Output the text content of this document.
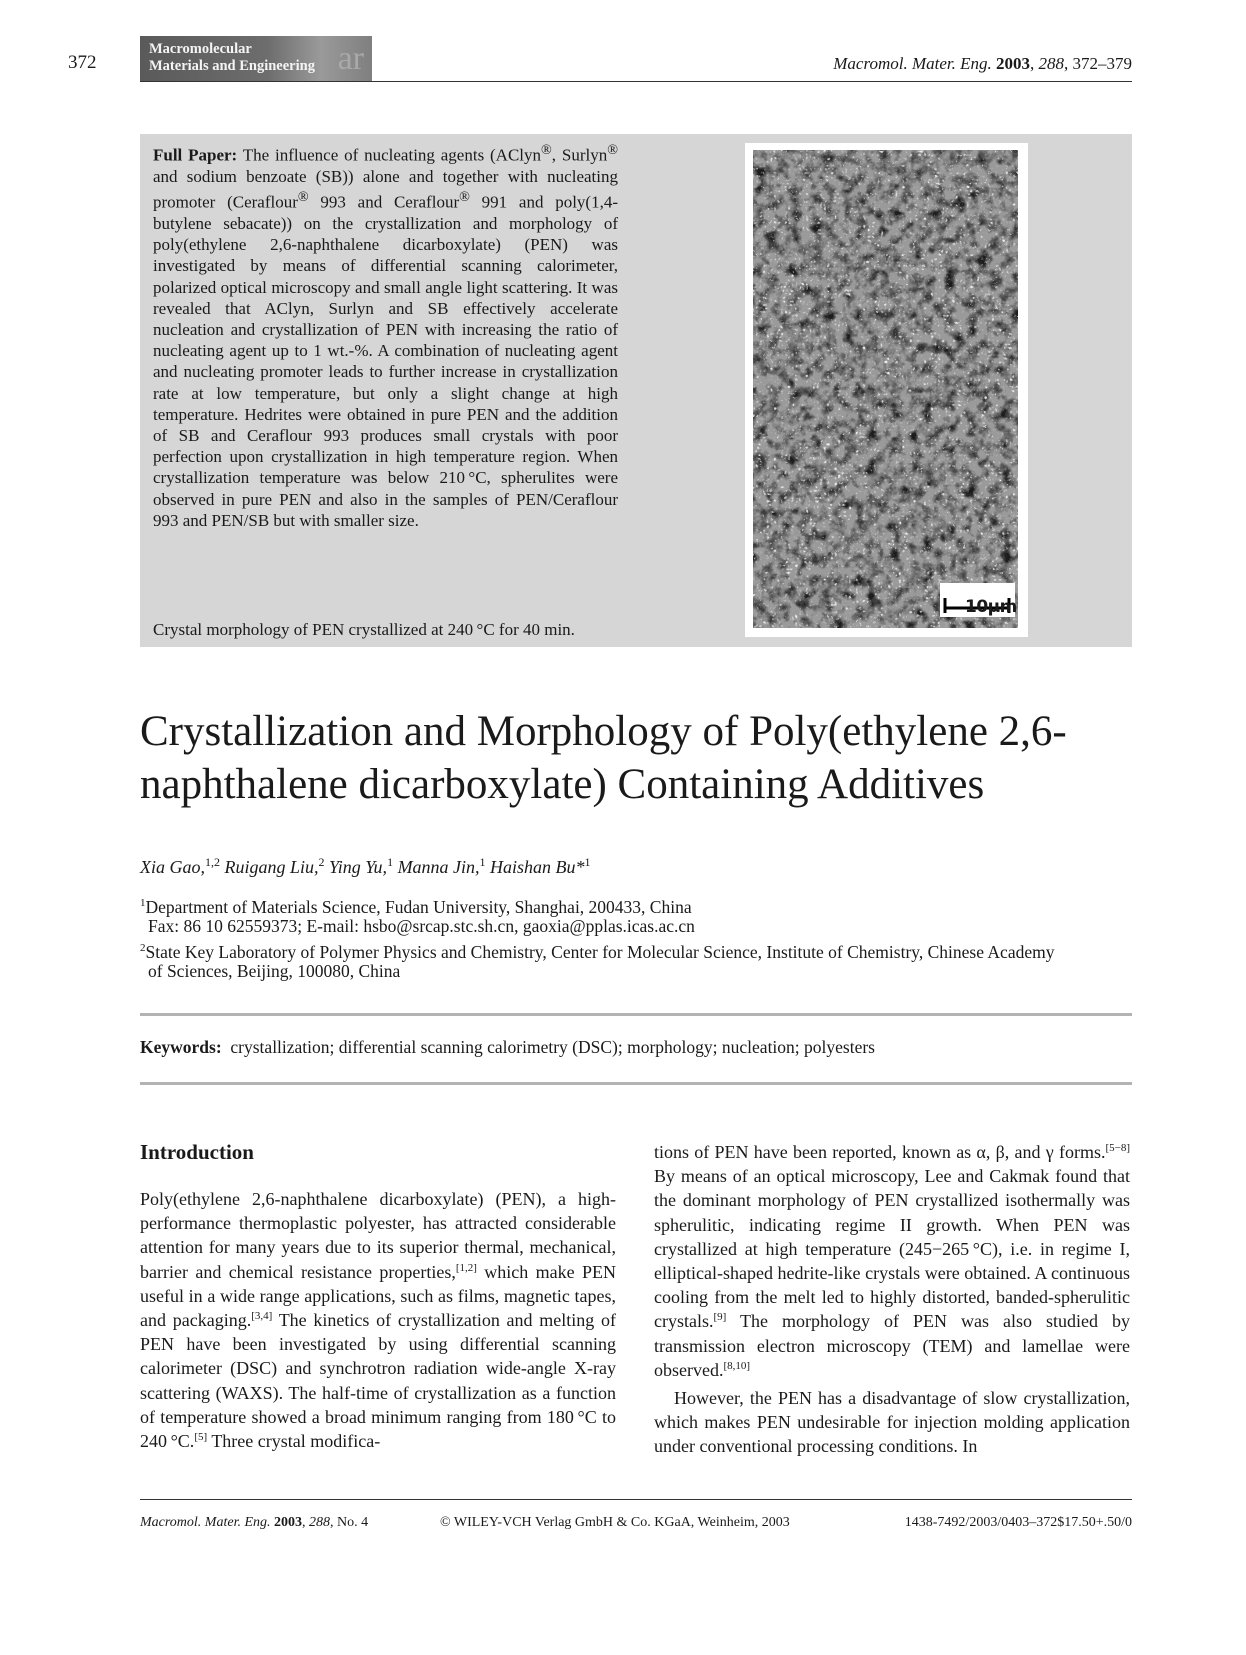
372	ar
Macromolecular
Materials and Engineering	Macromol. Mater. Eng. 2003, 288, 372–379
Full Paper: The influence of nucleating agents (AClyn®, Surlyn® and sodium benzoate (SB)) alone and together with nucleating promoter (Ceraflour® 993 and Ceraflour® 991 and poly(1,4-butylene sebacate)) on the crystallization and morphology of poly(ethylene 2,6-naphthalene dicarboxylate) (PEN) was investigated by means of differential scanning calorimeter, polarized optical microscopy and small angle light scattering. It was revealed that AClyn, Surlyn and SB effectively accelerate nucleation and crystallization of PEN with increasing the ratio of nucleating agent up to 1 wt.-%. A combination of nucleating agent and nucleating promoter leads to further increase in crystallization rate at low temperature, but only a slight change at high temperature. Hedrites were obtained in pure PEN and the addition of SB and Ceraflour 993 produces small crystals with poor perfection upon crystallization in high temperature region. When crystallization temperature was below 210 °C, spherulites were observed in pure PEN and also in the samples of PEN/Ceraflour 993 and PEN/SB but with smaller size.
Crystal morphology of PEN crystallized at 240 °C for 40 min.
10μm
Crystallization and Morphology of Poly(ethylene 2,6-naphthalene dicarboxylate) Containing Additives
Xia Gao,$^{1,2}$ Ruigang Liu,$^2$ Ying Yu,$^1$ Manna Jin,$^1$ Haishan Bu*$^1$
$^1$Department of Materials Science, Fudan University, Shanghai, 200433, China
Fax: 86 10 62559373; E-mail: hsbo@srcap.stc.sh.cn, gaoxia@pplas.icas.ac.cn
$^2$State Key Laboratory of Polymer Physics and Chemistry, Center for Molecular Science, Institute of Chemistry, Chinese Academy
of Sciences, Beijing, 100080, China
Keywords: crystallization; differential scanning calorimetry (DSC); morphology; nucleation; polyesters
Introduction

Poly(ethylene 2,6-naphthalene dicarboxylate) (PEN), a high-performance thermoplastic polyester, has attracted considerable attention for many years due to its superior thermal, mechanical, barrier and chemical resistance properties,[1,2] which make PEN useful in a wide range applications, such as films, magnetic tapes, and packaging.[3,4] The kinetics of crystallization and melting of PEN have been investigated by using differential scanning calorimeter (DSC) and synchrotron radiation wide-angle X-ray scattering (WAXS). The half-time of crystallization as a function of temperature showed a broad minimum ranging from 180 °C to 240 °C.[5] Three crystal modifica-

tions of PEN have been reported, known as α, β, and γ forms.[5−8] By means of an optical microscopy, Lee and Cakmak found that the dominant morphology of PEN crystallized isothermally was spherulitic, indicating regime II growth. When PEN was crystallized at high temperature (245−265 °C), i.e. in regime I, elliptical-shaped hedrite-like crystals were obtained. A continuous cooling from the melt led to highly distorted, banded-spherulitic crystals.[9] The morphology of PEN was also studied by transmission electron microscopy (TEM) and lamellae were observed.[8,10]

However, the PEN has a disadvantage of slow crystallization, which makes PEN undesirable for injection molding application under conventional processing conditions. In

Macromol. Mater. Eng. 2003, 288, No. 4	© WILEY-VCH Verlag GmbH & Co. KGaA, Weinheim, 2003	1438-7492/2003/0403–372$17.50+.50/0
